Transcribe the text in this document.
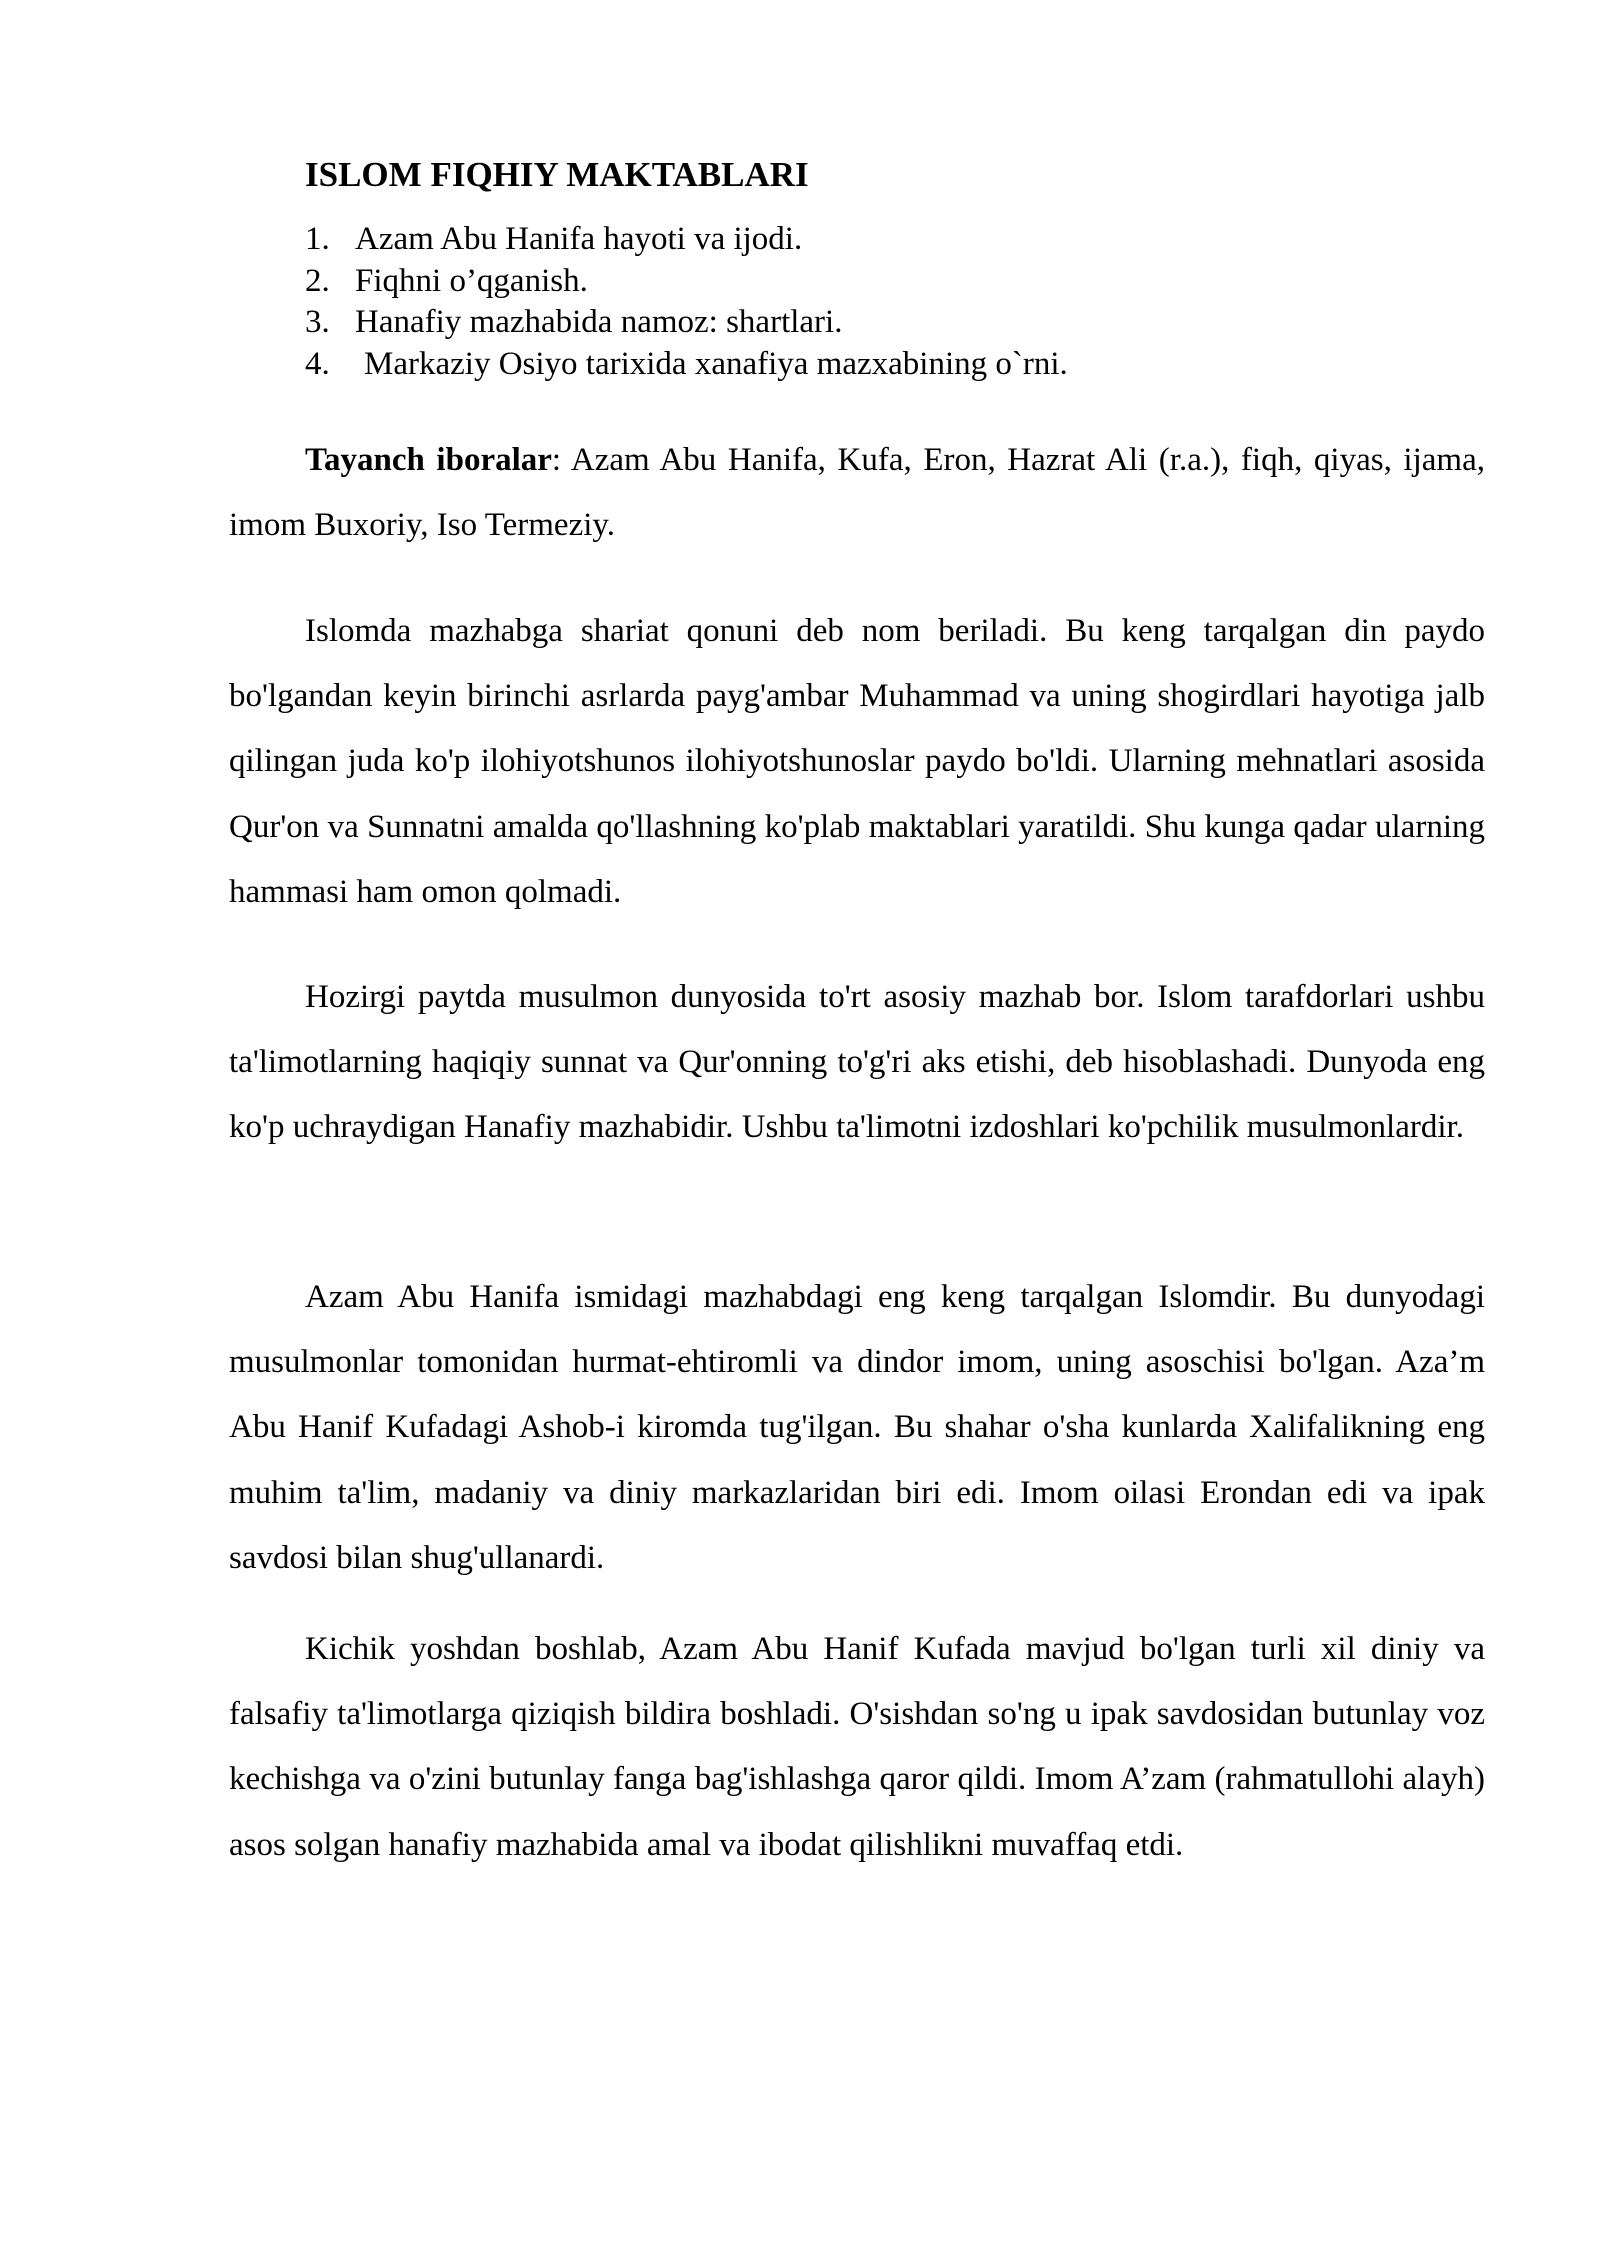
ISLOM FIQHIY MAKTABLARI
1. Azam Abu Hanifa hayoti va ijodi.
2. Fiqhni o’qganish.
3. Hanafiy mazhabida namoz: shartlari.
4. Markaziy Osiyo tarixida xanafiya mazxabining o`rni.

Tayanch iboralar: Azam Abu Hanifa, Kufa, Eron, Hazrat Ali (r.a.), fiqh, qiyas, ijama, imom Buxoriy, Iso Termeziy.

Islomda mazhabga shariat qonuni deb nom beriladi. Bu keng tarqalgan din paydo bo'lgandan keyin birinchi asrlarda payg'ambar Muhammad va uning shogirdlari hayotiga jalb qilingan juda ko'p ilohiyotshunos ilohiyotshunoslar paydo bo'ldi. Ularning mehnatlari asosida Qur'on va Sunnatni amalda qo'llashning ko'plab maktablari yaratildi. Shu kunga qadar ularning hammasi ham omon qolmadi.

Hozirgi paytda musulmon dunyosida to'rt asosiy mazhab bor. Islom tarafdorlari ushbu ta'limotlarning haqiqiy sunnat va Qur'onning to'g'ri aks etishi, deb hisoblashadi. Dunyoda eng ko'p uchraydigan Hanafiy mazhabidir. Ushbu ta'limotni izdoshlari ko'pchilik musulmonlardir.

Azam Abu Hanifa ismidagi mazhabdagi eng keng tarqalgan Islomdir. Bu dunyodagi musulmonlar tomonidan hurmat-ehtiromli va dindor imom, uning asoschisi bo'lgan. Aza’m Abu Hanif Kufadagi Ashob-i kiromda tug'ilgan. Bu shahar o'sha kunlarda Xalifalikning eng muhim ta'lim, madaniy va diniy markazlaridan biri edi. Imom oilasi Erondan edi va ipak savdosi bilan shug'ullanardi.

Kichik yoshdan boshlab, Azam Abu Hanif Kufada mavjud bo'lgan turli xil diniy va falsafiy ta'limotlarga qiziqish bildira boshladi. O'sishdan so'ng u ipak savdosidan butunlay voz kechishga va o'zini butunlay fanga bag'ishlashga qaror qildi. Imom A’zam (rahmatullohi alayh) asos solgan hanafiy mazhabida amal va ibodat qilishlikni muvaffaq etdi.
